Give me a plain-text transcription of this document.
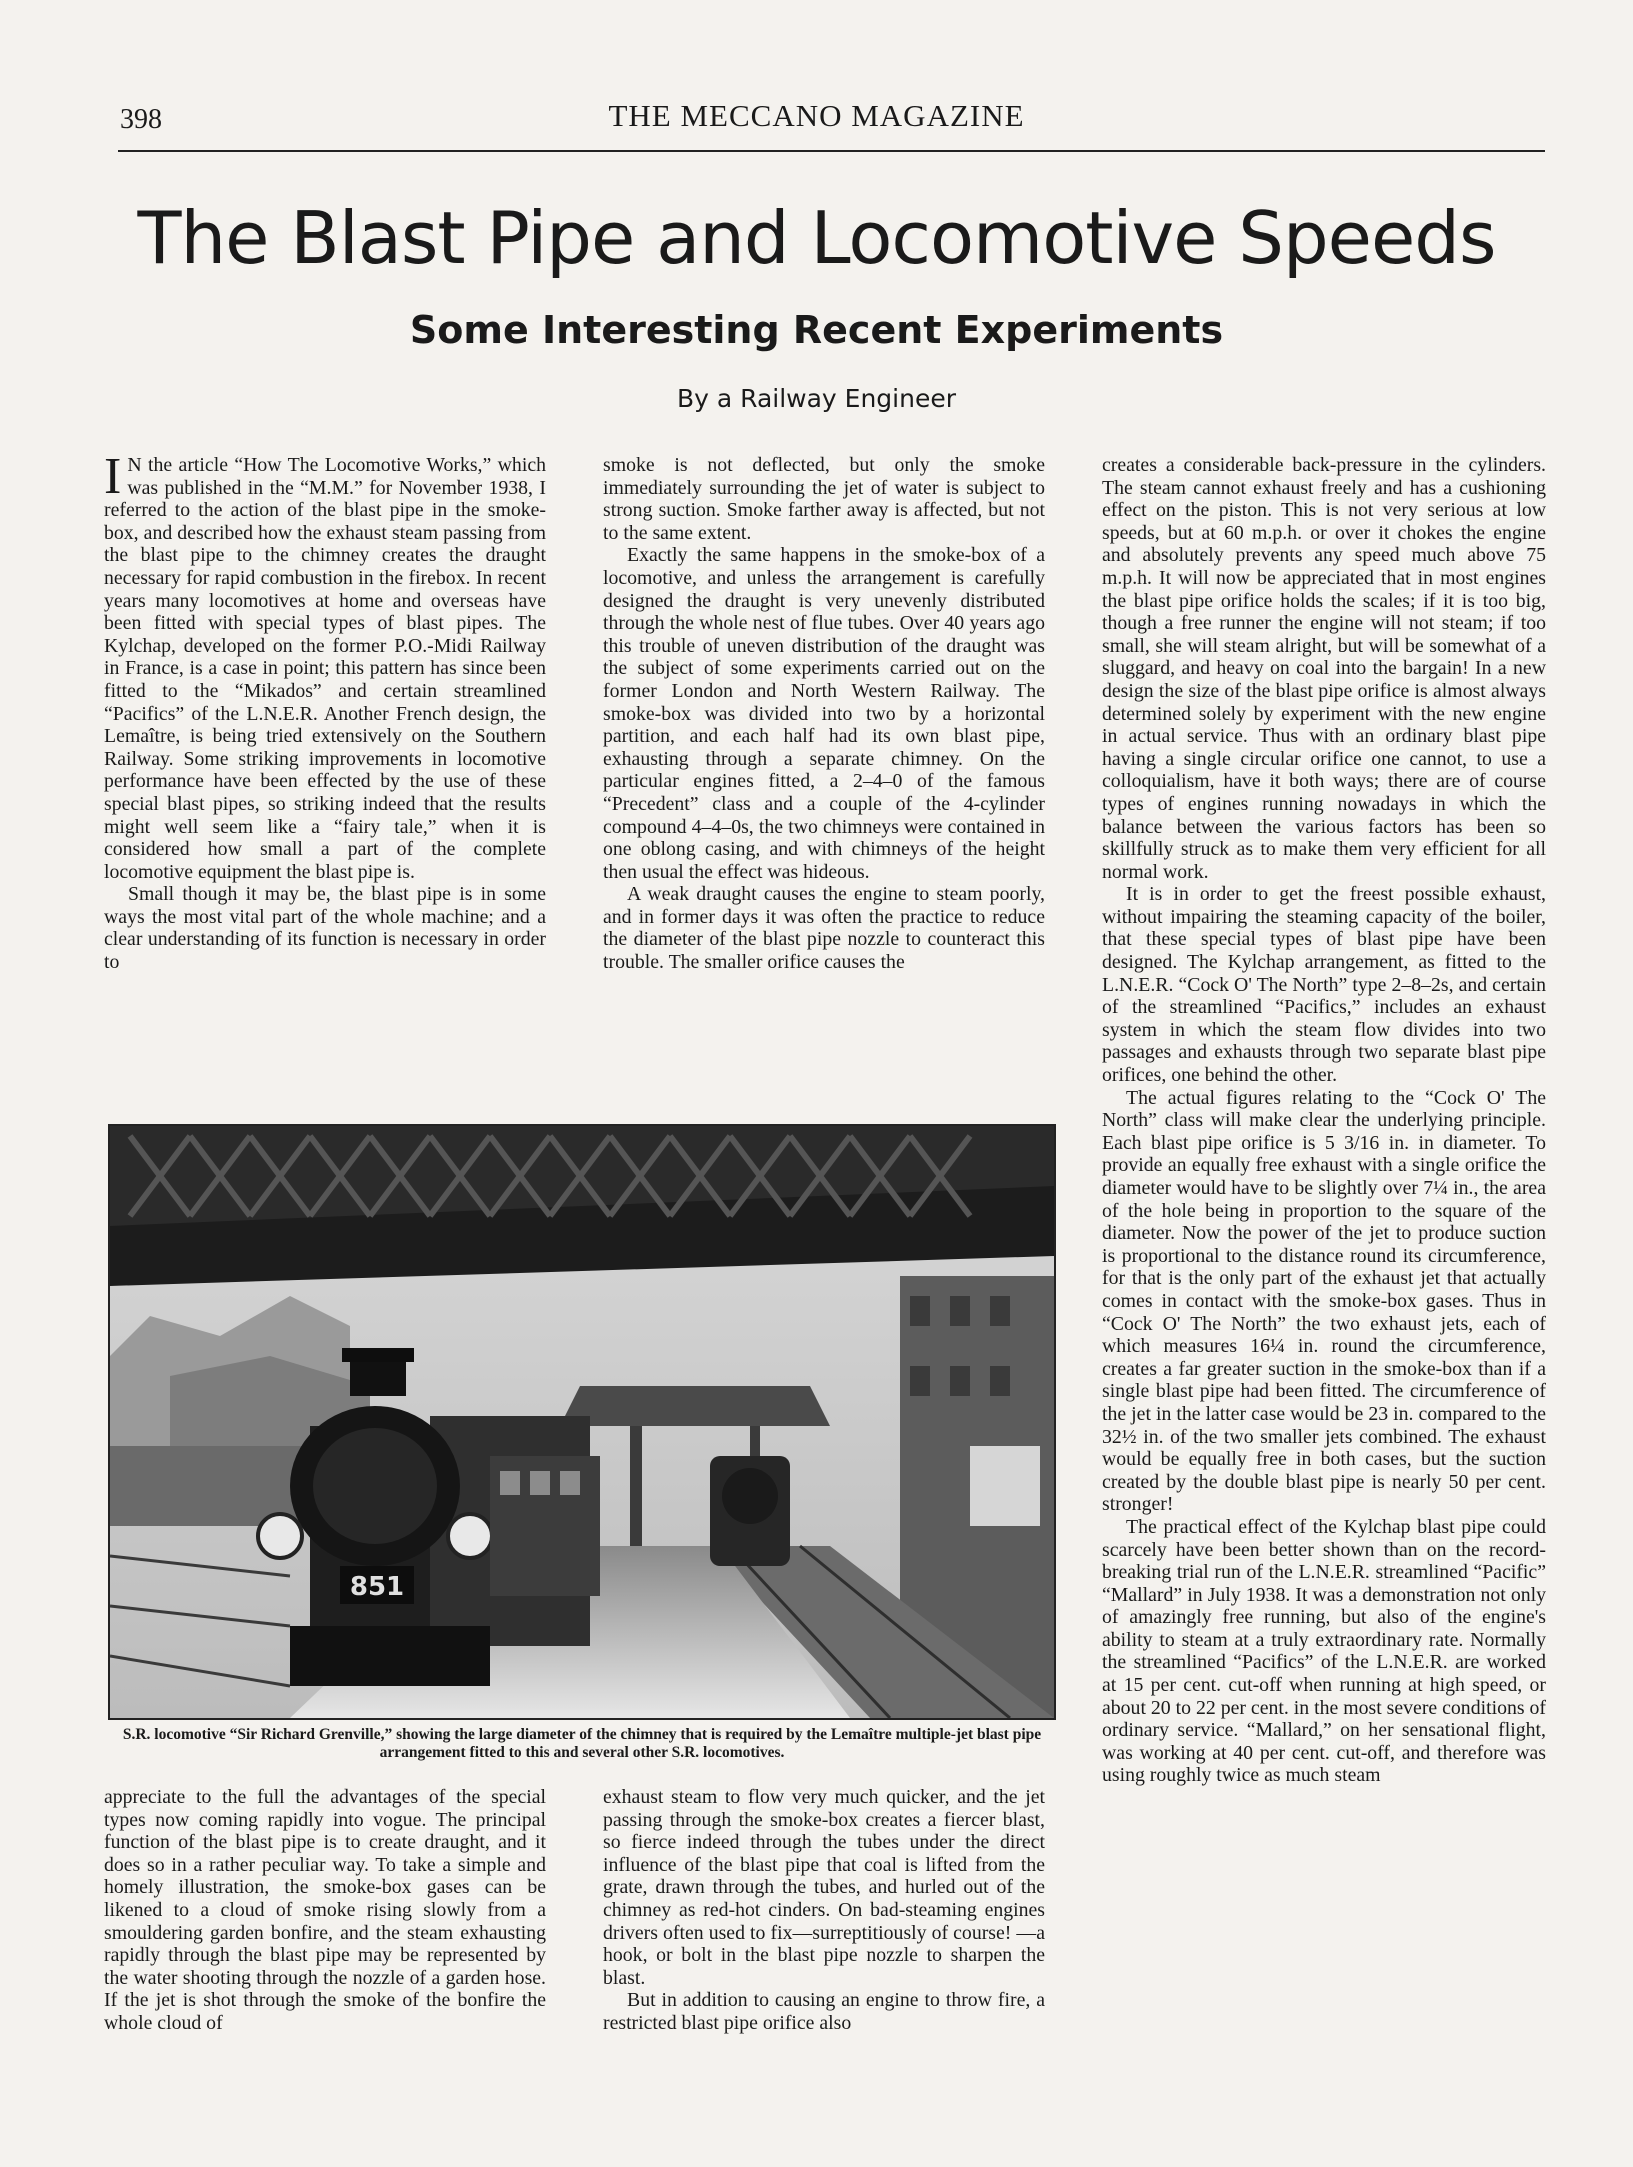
398	THE MECCANO MAGAZINE
The Blast Pipe and Locomotive Speeds
Some Interesting Recent Experiments
By a Railway Engineer

I N the article “How The Locomotive Works,” which was published in the “M.M.” for November 1938, I referred to the action of the blast pipe in the smoke-box, and described how the exhaust steam passing from the blast pipe to the chimney creates the draught necessary for rapid combustion in the firebox. In recent years many locomotives at home and overseas have been fitted with special types of blast pipes. The Kylchap, developed on the former P.O.-Midi Railway in France, is a case in point; this pattern has since been fitted to the “Mikados” and certain streamlined “Pacifics” of the L.N.E.R. Another French design, the Lemaître, is being tried extensively on the Southern Railway. Some striking improvements in locomotive performance have been effected by the use of these special blast pipes, so striking indeed that the results might well seem like a “fairy tale,” when it is considered how small a part of the complete locomotive equipment the blast pipe is.

Small though it may be, the blast pipe is in some ways the most vital part of the whole machine; and a clear understanding of its function is necessary in order to

smoke is not deflected, but only the smoke immediately surrounding the jet of water is subject to strong suction. Smoke farther away is affected, but not to the same extent.

Exactly the same happens in the smoke-box of a locomotive, and unless the arrangement is carefully designed the draught is very unevenly distributed through the whole nest of flue tubes. Over 40 years ago this trouble of uneven distribution of the draught was the subject of some experiments carried out on the former London and North Western Railway. The smoke-box was divided into two by a horizontal partition, and each half had its own blast pipe, exhausting through a separate chimney. On the particular engines fitted, a 2–4–0 of the famous “Precedent” class and a couple of the 4-cylinder compound 4–4–0s, the two chimneys were contained in one oblong casing, and with chimneys of the height then usual the effect was hideous.

A weak draught causes the engine to steam poorly, and in former days it was often the practice to reduce the diameter of the blast pipe nozzle to counteract this trouble. The smaller orifice causes the

creates a considerable back-pressure in the cylinders. The steam cannot exhaust freely and has a cushioning effect on the piston. This is not very serious at low speeds, but at 60 m.p.h. or over it chokes the engine and absolutely prevents any speed much above 75 m.p.h. It will now be appreciated that in most engines the blast pipe orifice holds the scales; if it is too big, though a free runner the engine will not steam; if too small, she will steam alright, but will be somewhat of a sluggard, and heavy on coal into the bargain! In a new design the size of the blast pipe orifice is almost always determined solely by experiment with the new engine in actual service. Thus with an ordinary blast pipe having a single circular orifice one cannot, to use a colloquialism, have it both ways; there are of course types of engines running nowadays in which the balance between the various factors has been so skillfully struck as to make them very efficient for all normal work.

It is in order to get the freest possible exhaust, without impairing the steaming capacity of the boiler, that these special types of blast pipe have been designed. The Kylchap arrangement, as fitted to the L.N.E.R. “Cock O' The North” type 2–8–2s, and certain of the streamlined “Pacifics,” includes an exhaust system in which the steam flow divides into two passages and exhausts through two separate blast pipe orifices, one behind the other.

The actual figures relating to the “Cock O' The North” class will make clear the underlying principle. Each blast pipe orifice is 5 3/16 in. in diameter. To provide an equally free exhaust with a single orifice the diameter would have to be slightly over 7¼ in., the area of the hole being in proportion to the square of the diameter. Now the power of the jet to produce suction is proportional to the distance round its circumference, for that is the only part of the exhaust jet that actually comes in contact with the smoke-box gases. Thus in “Cock O' The North” the two exhaust jets, each of which measures 16¼ in. round the circumference, creates a far greater suction in the smoke-box than if a single blast pipe had been fitted. The circumference of the jet in the latter case would be 23 in. compared to the 32½ in. of the two smaller jets combined. The exhaust would be equally free in both cases, but the suction created by the double blast pipe is nearly 50 per cent. stronger!

The practical effect of the Kylchap blast pipe could scarcely have been better shown than on the record-breaking trial run of the L.N.E.R. streamlined “Pacific” “Mallard” in July 1938. It was a demonstration not only of amazingly free running, but also of the engine's ability to steam at a truly extraordinary rate. Normally the streamlined “Pacifics” of the L.N.E.R. are worked at 15 per cent. cut-off when running at high speed, or about 20 to 22 per cent. in the most severe conditions of ordinary service. “Mallard,” on her sensational flight, was working at 40 per cent. cut-off, and therefore was using roughly twice as much steam

851
S.R. locomotive “Sir Richard Grenville,” showing the large diameter of the chimney that is required by the Lemaître multiple-jet blast pipe arrangement fitted to this and several other S.R. locomotives.

appreciate to the full the advantages of the special types now coming rapidly into vogue. The principal function of the blast pipe is to create draught, and it does so in a rather peculiar way. To take a simple and homely illustration, the smoke-box gases can be likened to a cloud of smoke rising slowly from a smouldering garden bonfire, and the steam exhausting rapidly through the blast pipe may be represented by the water shooting through the nozzle of a garden hose. If the jet is shot through the smoke of the bonfire the whole cloud of

exhaust steam to flow very much quicker, and the jet passing through the smoke-box creates a fiercer blast, so fierce indeed through the tubes under the direct influence of the blast pipe that coal is lifted from the grate, drawn through the tubes, and hurled out of the chimney as red-hot cinders. On bad-steaming engines drivers often used to fix—surreptitiously of course! —a hook, or bolt in the blast pipe nozzle to sharpen the blast.

But in addition to causing an engine to throw fire, a restricted blast pipe orifice also
